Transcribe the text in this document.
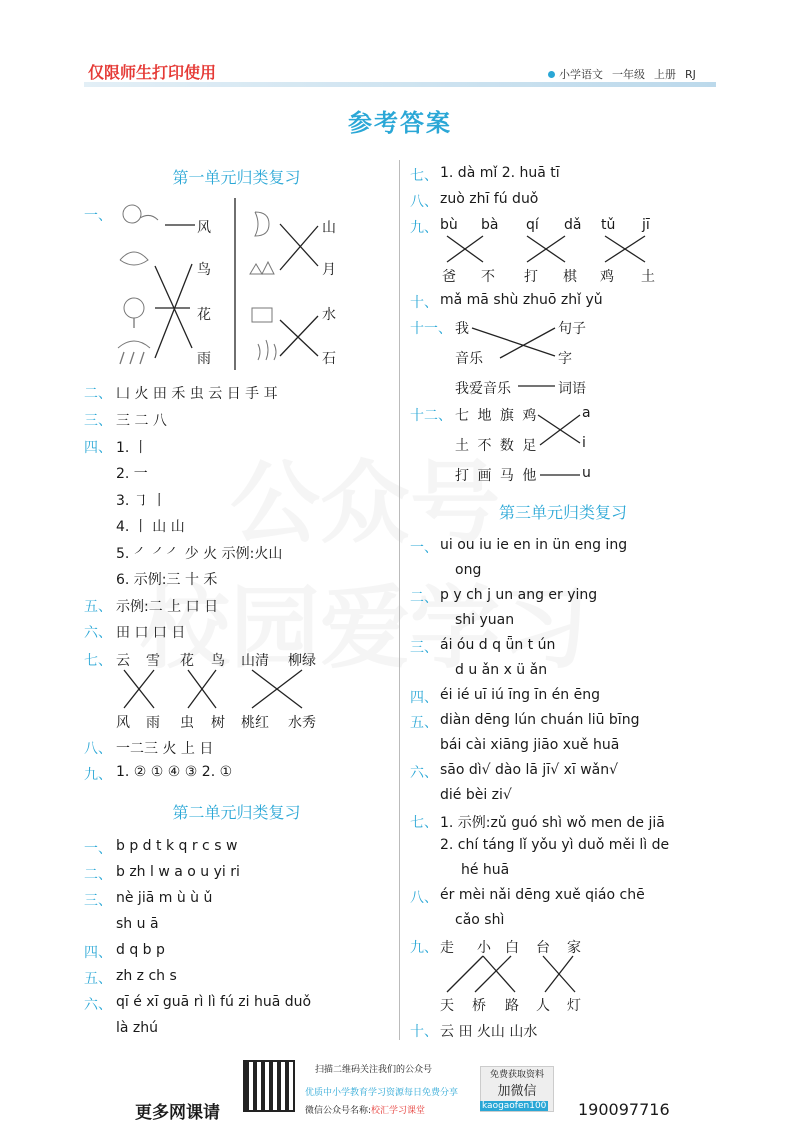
仅限师生打印使用	小学语文 一年级 上册 RJ
参考答案
第一单元归类复习
一、
风
鸟
花
雨
山
月
水
石
二、 凵 火 田 禾 虫 云 日 手 耳
三、 三 二 八
四、 1. 丨
2. 一
3. ㇆ 丨
4. 丨 山 山
5. ㇒ ㇒㇒ 少 火 示例:火山
6. 示例:三 十 禾
五、 示例:二 上 口 日
六、 田 口 口 日
七、 云 雪 花 鸟 山清 柳绿
风 雨 虫 树 桃红 水秀
八、 一二三 火 上 日
九、 1. ② ① ④ ③ 2. ①
第二单元归类复习
一、 b p d t k q r c s w
二、 b zh l w a o u yi ri
三、 nè jiā m ù ù ǔ
sh u ā
四、 d q b p
五、 zh z ch s
六、 qī é xī guā rì lì fú zi huā duǒ
là zhú
七、 1. dà mǐ 2. huā tī
八、 zuò zhī fú duǒ
九、 bù bà qí dǎ tǔ jī
爸 不 打 棋 鸡 土
十、 mǎ mā shù zhuō zhǐ yǔ
十一、 我
音乐
我爱音乐
句子
字
词语
十二、 七 地 旗 鸡
土 不 数 足
打 画 马 他
a
i
u
第三单元归类复习
一、 ui ou iu ie en in ün eng ing
ong
二、 p y ch j un ang er ying
shi yuan
三、 ái óu d q ǖn t ún
d u ǎn x ü ǎn
四、 éi ié uī iú īng īn én ēng
五、 diàn dēng lún chuán liū bīng
bái cài xiāng jiāo xuě huā
六、 sāo dì√ dào lā jī√ xī wǎn√
dié bèi zi√
七、 1. 示例:zǔ guó shì wǒ men de jiā
2. chí táng lǐ yǒu yì duǒ měi lì de
hé huā
八、 ér mèi nǎi dēng xuě qiáo chē
cǎo shì
九、 走 小 白 台 家
天 桥 路 人 灯
十、 云 田 火山 山水
更多网课请
扫描二维码关注我们的公众号
优质中小学教育学习资源每日免费分享
微信公众号名称:校汇学习课堂
免费获取资料
加微信
kaogaofen100 190097716
